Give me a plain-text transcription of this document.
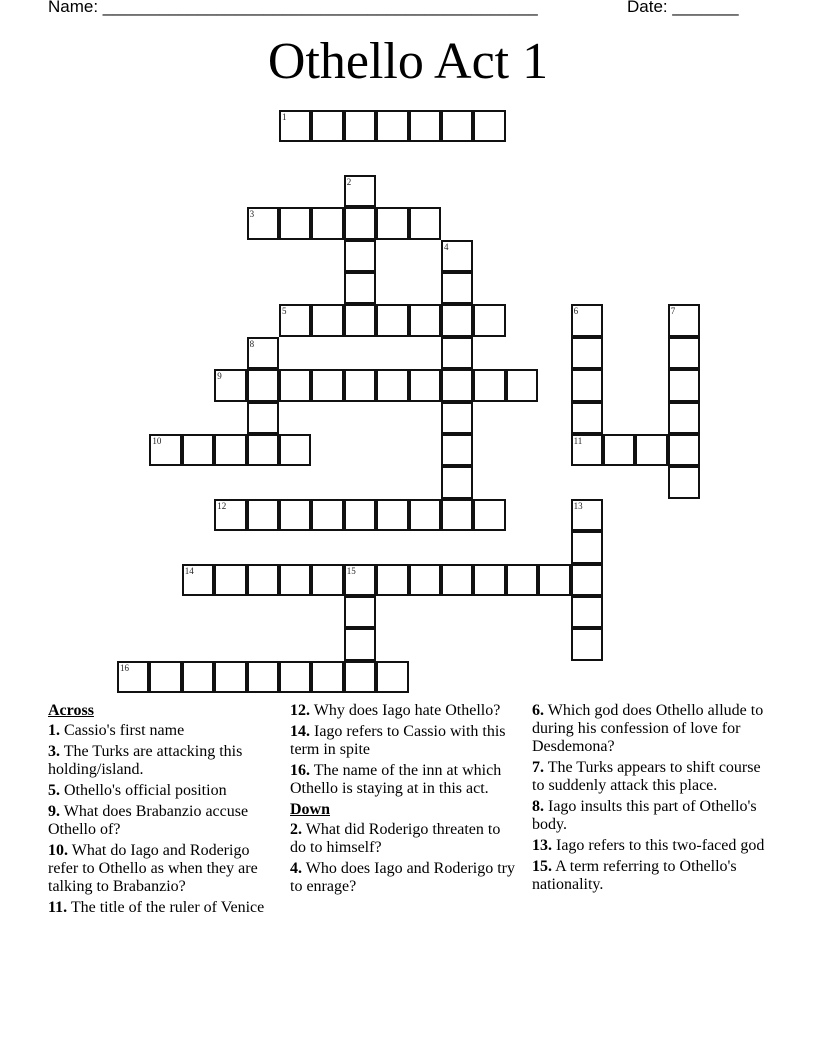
Name: ______________________________________________	Date: _______
Othello Act 1
1
2
3
4
5	6
11
7
8
9
10
12	13
14	15
16
Across
1. Cassio's first name
3. The Turks are attacking this holding/island.
5. Othello's official position
9. What does Brabanzio accuse Othello of?
10. What do Iago and Roderigo refer to Othello as when they are talking to Brabanzio?
11. The title of the ruler of Venice
12. Why does Iago hate Othello?
14. Iago refers to Cassio with this term in spite
16. The name of the inn at which Othello is staying at in this act.
Down
2. What did Roderigo threaten to do to himself?
4. Who does Iago and Roderigo try to enrage?
6. Which god does Othello allude to during his confession of love for Desdemona?
7. The Turks appears to shift course to suddenly attack this place.
8. Iago insults this part of Othello's body.
13. Iago refers to this two-faced god
15. A term referring to Othello's nationality.
